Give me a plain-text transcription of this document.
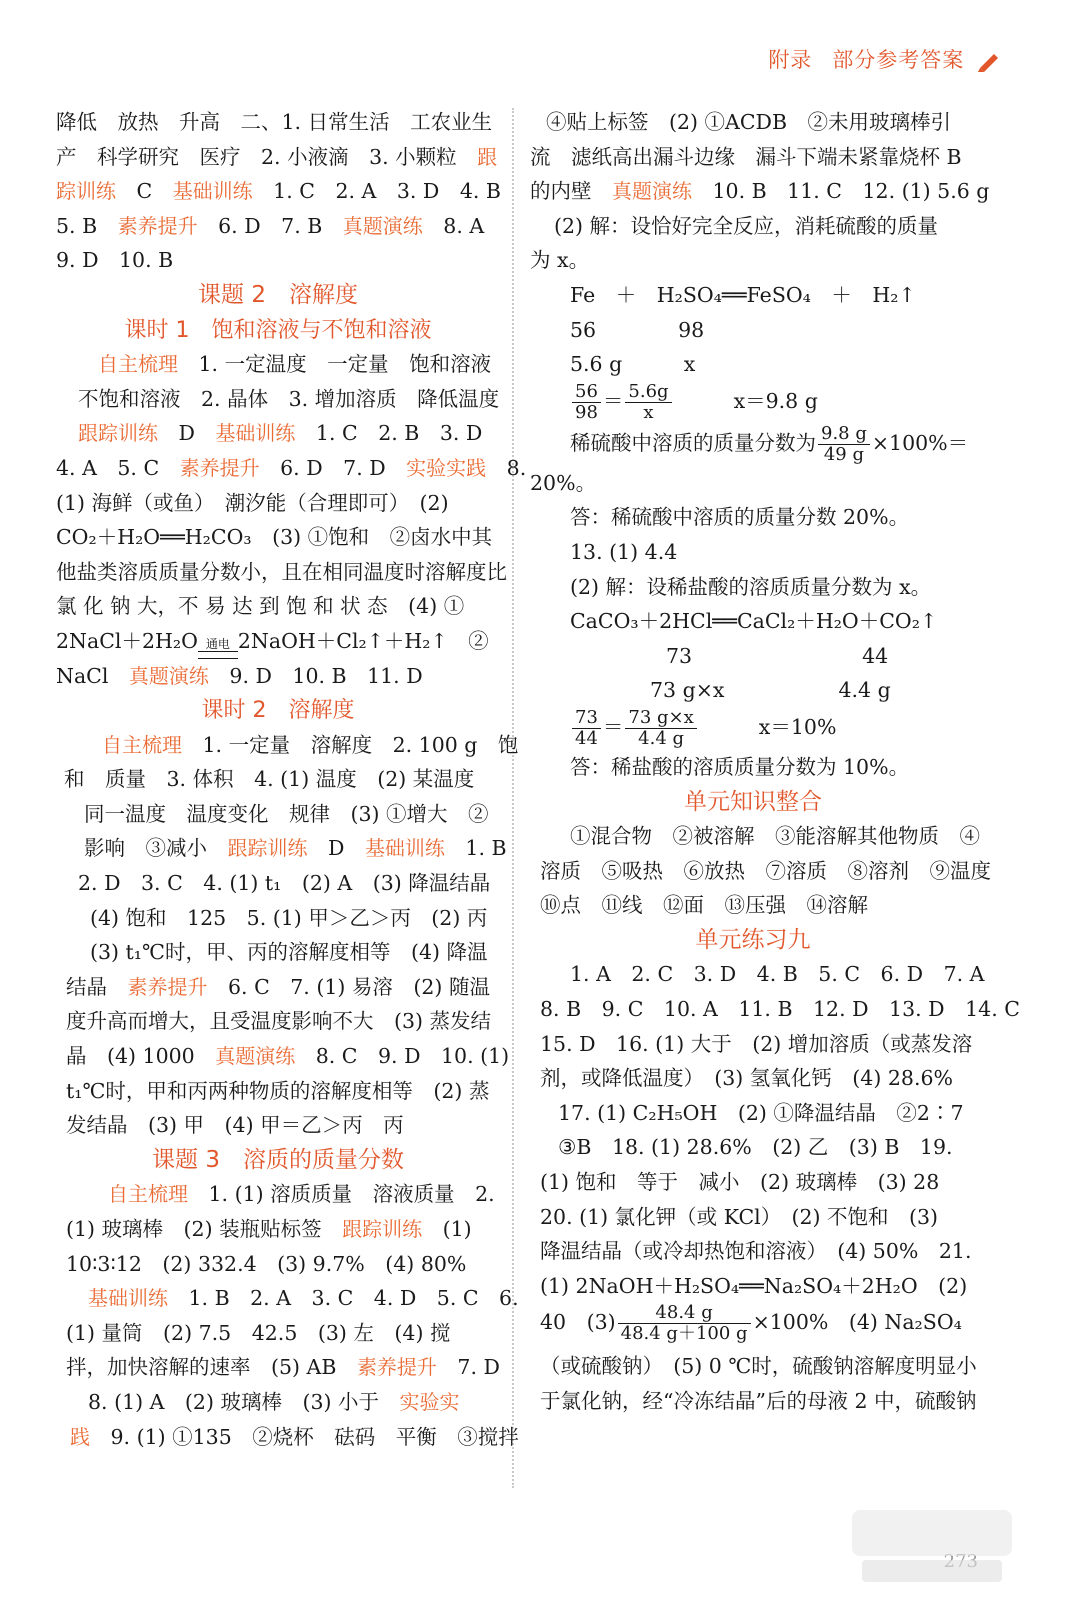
附录 部分参考答案
降低　放热　升高　二、1. 日常生活　工农业生
产　科学研究　医疗　2. 小液滴　3. 小颗粒　跟
踪训练　C　基础训练　1. C　2. A　3. D　4. B
5. B　素养提升　6. D　7. B　真题演练　8. A
9. D　10. B
课题 2　溶解度
课时 1　饱和溶液与不饱和溶液
自主梳理　1. 一定温度　一定量　饱和溶液
不饱和溶液　2. 晶体　3. 增加溶质　降低温度
跟踪训练　D　基础训练　1. C　2. B　3. D
4. A　5. C　素养提升　6. D　7. D　实验实践　8.
(1) 海鲜（或鱼）　潮汐能（合理即可）　(2)
CO₂＋H₂O══H₂CO₃　(3) ①饱和　②卤水中其
他盐类溶质质量分数小，且在相同温度时溶解度比
氯 化 钠 大，不 易 达 到 饱 和 状 态　(4) ①
2NaCl＋2H₂O 通电 2NaOH＋Cl₂↑＋H₂↑　②
NaCl　真题演练　9. D　10. B　11. D
课时 2　溶解度
自主梳理　1. 一定量　溶解度　2. 100 g　饱
和　质量　3. 体积　4. (1) 温度　(2) 某温度
同一温度　温度变化　规律　(3) ①增大　②
影响　③减小　跟踪训练　D　基础训练　1. B
2. D　3. C　4. (1) t₁　(2) A　(3) 降温结晶
(4) 饱和　125　5. (1) 甲＞乙＞丙　(2) 丙
(3) t₁℃时，甲、丙的溶解度相等　(4) 降温
结晶　素养提升　6. C　7. (1) 易溶　(2) 随温
度升高而增大，且受温度影响不大　(3) 蒸发结
晶　(4) 1000　真题演练　8. C　9. D　10. (1)
t₁℃时，甲和丙两种物质的溶解度相等　(2) 蒸
发结晶　(3) 甲　(4) 甲＝乙＞丙　丙
课题 3　溶质的质量分数
自主梳理　1. (1) 溶质质量　溶液质量　2.
(1) 玻璃棒　(2) 装瓶贴标签　跟踪训练　(1)
10∶3∶12　(2) 332.4　(3) 9.7%　(4) 80%
基础训练　1. B　2. A　3. C　4. D　5. C　6.
(1) 量筒　(2) 7.5　42.5　(3) 左　(4) 搅
拌，加快溶解的速率　(5) AB　素养提升　7. D
8. (1) A　(2) 玻璃棒　(3) 小于　实验实
践　9. (1) ①135　②烧杯　砝码　平衡　③搅拌
④贴上标签　(2) ①ACDB　②未用玻璃棒引
流　滤纸高出漏斗边缘　漏斗下端未紧靠烧杯 B
的内壁　真题演练　10. B　11. C　12. (1) 5.6 g
(2) 解：设恰好完全反应，消耗硫酸的质量
为 x。
Fe　＋　H₂SO₄══FeSO₄　＋　H₂↑
56　　　　98
5.6 g　　　x
$\frac{56}{98} = \frac{5.6g}{x}$	x＝9.8 g
稀硫酸中溶质的质量分数为 $\frac{9.8 g}{49 g} \times 100\%=$
20%。
答：稀硫酸中溶质的质量分数 20%。
13. (1) 4.4
(2) 解：设稀盐酸的溶质质量分数为 x。
CaCO₃＋2HCl══CaCl₂＋H₂O＋CO₂↑
73	44
73 g×x	4.4 g
$\frac{73}{44} = \frac{73 g\times x}{4.4 g}$	x＝10%
答：稀盐酸的溶质质量分数为 10%。
单元知识整合
①混合物　②被溶解　③能溶解其他物质　④
溶质　⑤吸热　⑥放热　⑦溶质　⑧溶剂　⑨温度
⑩点　⑪线　⑫面　⑬压强　⑭溶解
单元练习九
1. A　2. C　3. D　4. B　5. C　6. D　7. A
8. B　9. C　10. A　11. B　12. D　13. D　14. C
15. D　16. (1) 大于　(2) 增加溶质（或蒸发溶
剂，或降低温度）　(3) 氢氧化钙　(4) 28.6%
17. (1) C₂H₅OH　(2) ①降温结晶　②2∶7
③B　18. (1) 28.6%　(2) 乙　(3) B　19.
(1) 饱和　等于　减小　(2) 玻璃棒　(3) 28
20. (1) 氯化钾（或 KCl）　(2) 不饱和　(3)
降温结晶（或冷却热饱和溶液）　(4) 50%　21.
(1) 2NaOH＋H₂SO₄══Na₂SO₄＋2H₂O　(2)
40　$(3) \frac{48.4 g}{48.4 g+100 g} \times 100\%$　(4) Na₂SO₄
（或硫酸钠）　(5) 0 ℃时，硫酸钠溶解度明显小
于氯化钠，经“冷冻结晶”后的母液 2 中，硫酸钠
